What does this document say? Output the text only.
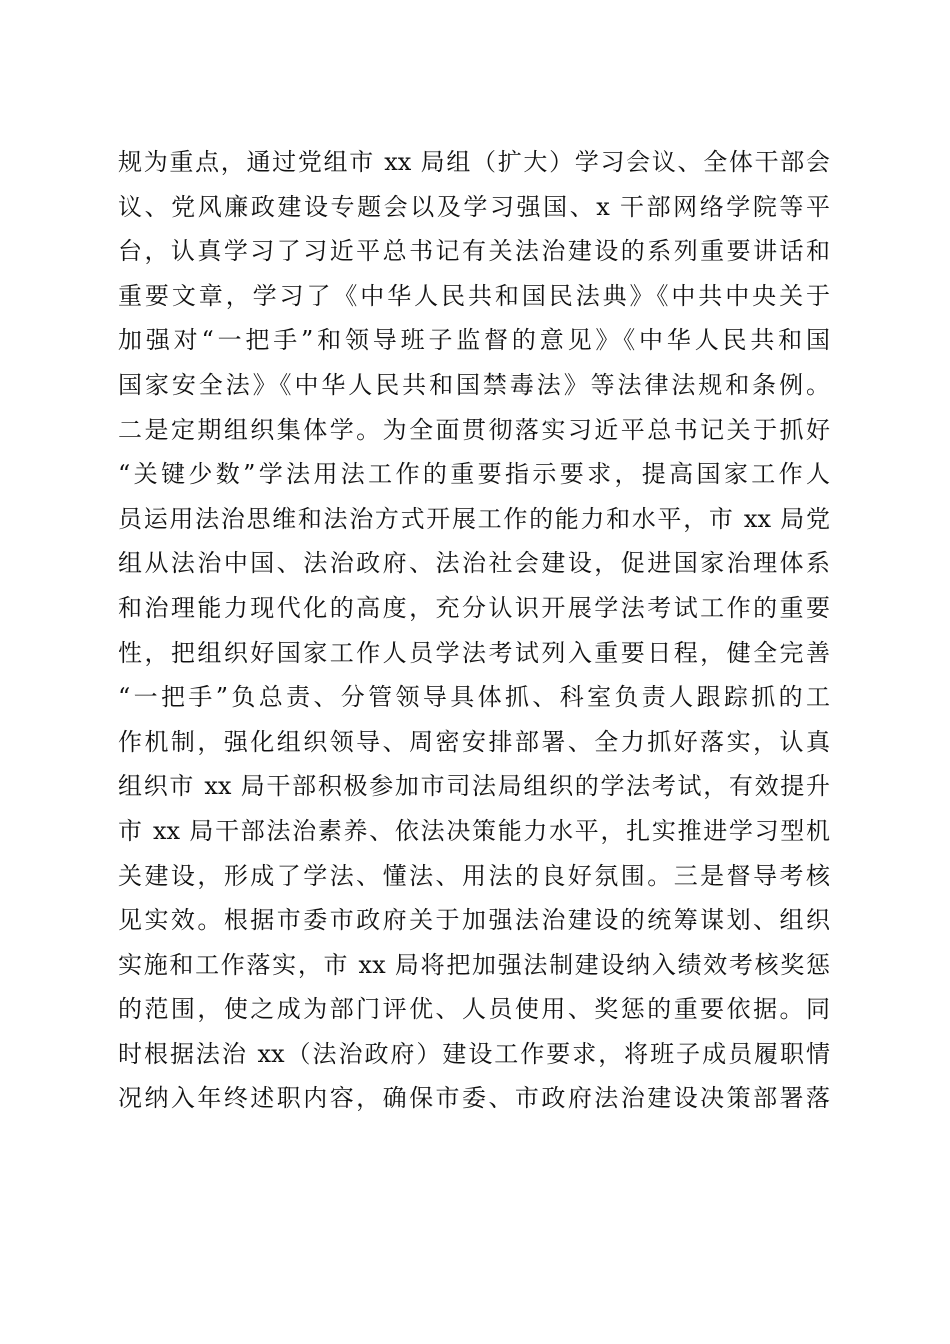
规为重点，通过党组市 xx 局组（扩大）学习会议、全体干部会
议、党风廉政建设专题会以及学习强国、x 干部网络学院等平
台，认真学习了习近平总书记有关法治建设的系列重要讲话和
重要文章，学习了《中华人民共和国民法典》《中共中央关于
加强对“一把手”和领导班子监督的意见》《中华人民共和国
国家安全法》《中华人民共和国禁毒法》等法律法规和条例。
二是定期组织集体学。为全面贯彻落实习近平总书记关于抓好
“关键少数”学法用法工作的重要指示要求，提高国家工作人
员运用法治思维和法治方式开展工作的能力和水平，市 xx 局党
组从法治中国、法治政府、法治社会建设，促进国家治理体系
和治理能力现代化的高度，充分认识开展学法考试工作的重要
性，把组织好国家工作人员学法考试列入重要日程，健全完善
“一把手”负总责、分管领导具体抓、科室负责人跟踪抓的工
作机制，强化组织领导、周密安排部署、全力抓好落实，认真
组织市 xx 局干部积极参加市司法局组织的学法考试，有效提升
市 xx 局干部法治素养、依法决策能力水平，扎实推进学习型机
关建设，形成了学法、懂法、用法的良好氛围。三是督导考核
见实效。根据市委市政府关于加强法治建设的统筹谋划、组织
实施和工作落实，市 xx 局将把加强法制建设纳入绩效考核奖惩
的范围，使之成为部门评优、人员使用、奖惩的重要依据。同
时根据法治 xx（法治政府）建设工作要求，将班子成员履职情
况纳入年终述职内容，确保市委、市政府法治建设决策部署落
